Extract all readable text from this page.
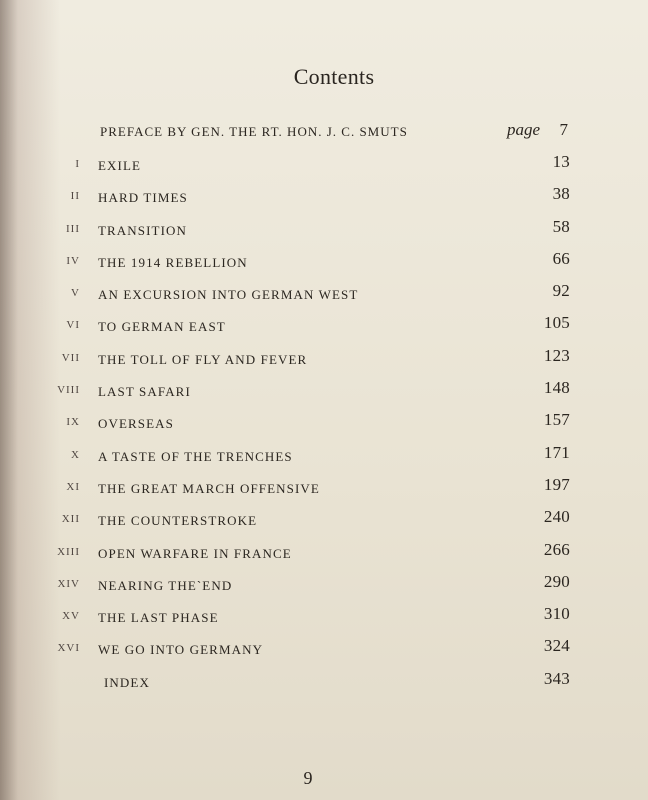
Contents
PREFACE BY GEN. THE RT. HON. J. C. SMUTS	page 7
I EXILE	13
II HARD TIMES	38
III TRANSITION	58
IV THE 1914 REBELLION	66
V AN EXCURSION INTO GERMAN WEST	92
VI TO GERMAN EAST	105
VII THE TOLL OF FLY AND FEVER	123
VIII LAST SAFARI	148
IX OVERSEAS	157
X A TASTE OF THE TRENCHES	171
XI THE GREAT MARCH OFFENSIVE	197
XII THE COUNTERSTROKE	240
XIII OPEN WARFARE IN FRANCE	266
XIV NEARING THE`END	290
XV THE LAST PHASE	310
XVI WE GO INTO GERMANY	324
INDEX	343
9
